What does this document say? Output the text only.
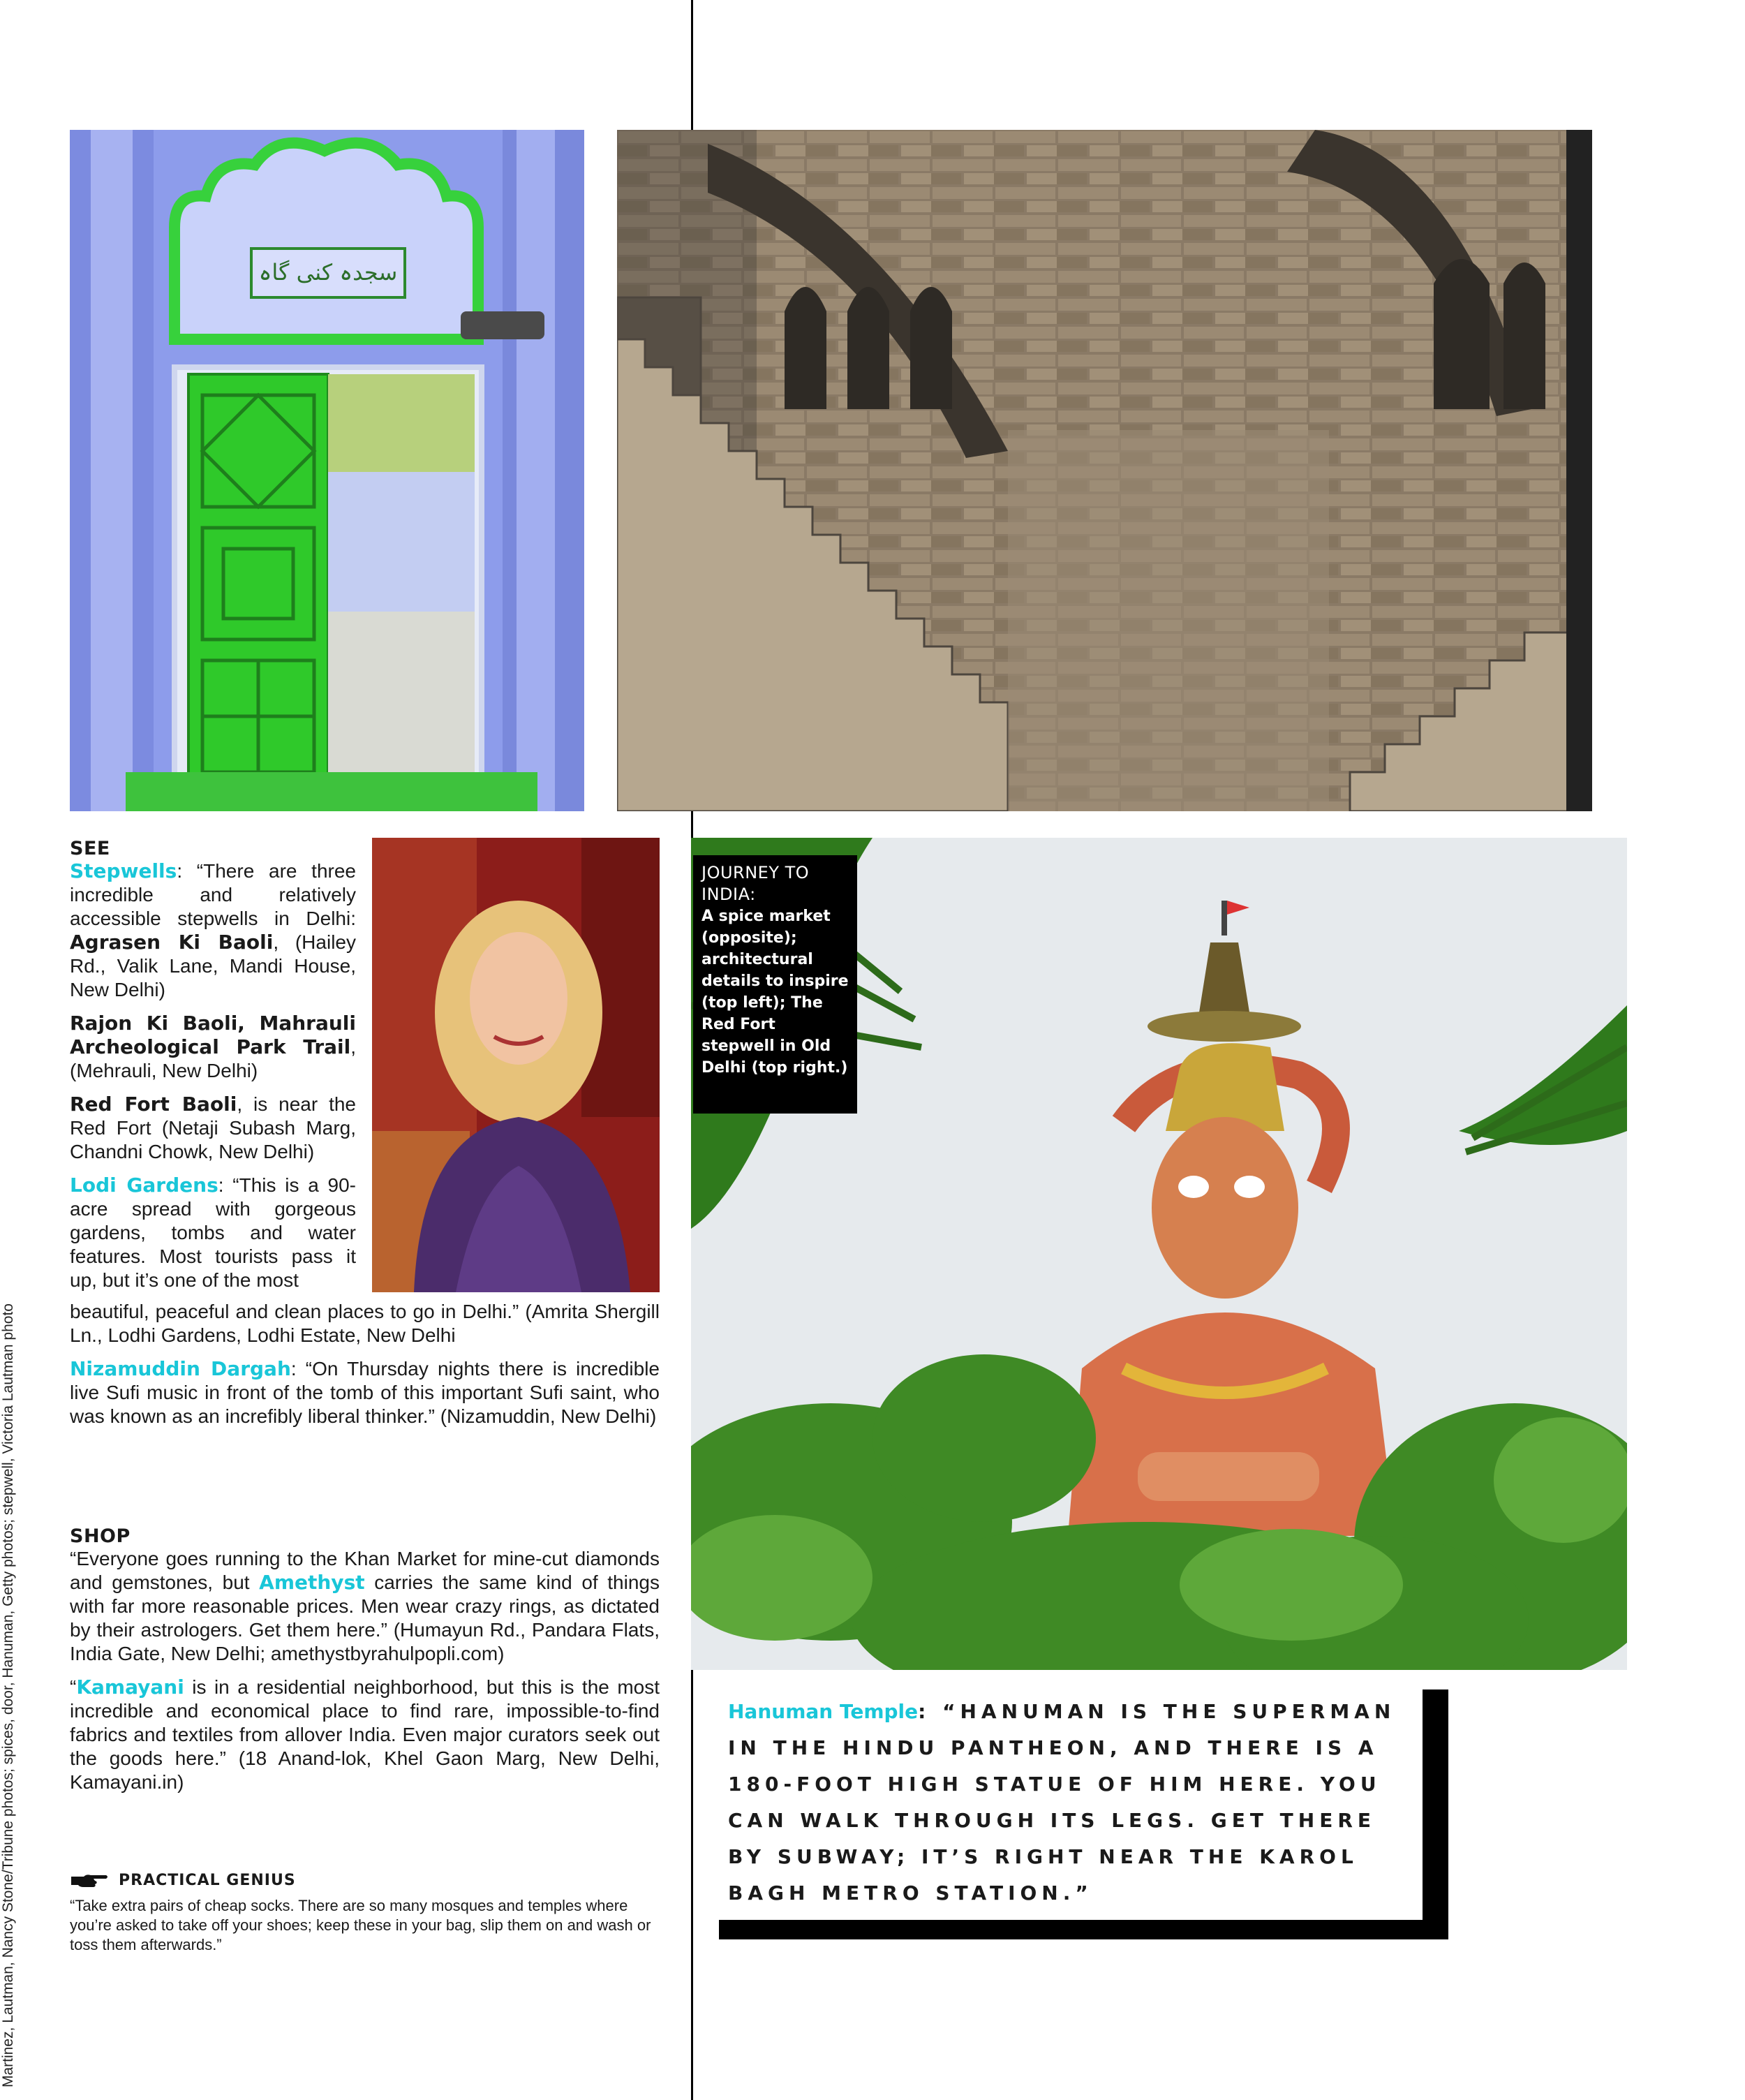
سجدہ کنی گاہ
JOURNEY TO INDIA:
A spice market (opposite); architectural details to inspire (top left); The Red Fort stepwell in Old Delhi (top right.)
SEE

Stepwells: “There are three incredible and relatively accessible stepwells in Delhi: Agrasen Ki Baoli, (Hailey Rd., Valik Lane, Mandi House, New Delhi)

Rajon Ki Baoli, Mahrauli Archeological Park Trail, (Mehrauli, New Delhi)

Red Fort Baoli, is near the Red Fort (Netaji Subash Marg, Chandni Chowk, New Delhi)

Lodi Gardens: “This is a 90-acre spread with gorgeous gardens, tombs and water features. Most tourists pass it up, but it’s one of the most

beautiful, peaceful and clean places to go in Delhi.” (Amrita Shergill Ln., Lodhi Gardens, Lodhi Estate, New Delhi

Nizamuddin Dargah: “On Thursday nights there is incredible live Sufi music in front of the tomb of this important Sufi saint, who was known as an increfibly liberal thinker.” (Nizamuddin, New Delhi)

SHOP

“Everyone goes running to the Khan Market for mine-cut diamonds and gemstones, but Amethyst carries the same kind of things with far more reasonable prices. Men wear crazy rings, as dictated by their astrologers. Get them here.” (Humayun Rd., Pandara Flats, India Gate, New Delhi; amethystbyrahulpopli.com)

“Kamayani is in a residential neighborhood, but this is the most incredible and economical place to find rare, impossible-to-find fabrics and textiles from allover India. Even major curators seek out the goods here.” (18 Anand-lok, Khel Gaon Marg, New Delhi, Kamayani.in)

PRACTICAL GENIUS
“Take extra pairs of cheap socks. There are so many mosques and temples where you’re asked to take off your shoes; keep these in your bag, slip them on and wash or toss them afterwards.”
Hanuman Temple: “HANUMAN IS THE SUPERMAN IN THE HINDU PANTHEON, AND THERE IS A 180-FOOT HIGH STATUE OF HIM HERE. YOU CAN WALK THROUGH ITS LEGS. GET THERE BY SUBWAY; IT’S RIGHT NEAR THE KAROL BAGH METRO STATION.”
Martinez, Lautman, Nancy Stone/Tribune photos; spices, door, Hanuman, Getty photos; stepwell, Victoria Lautman photo
